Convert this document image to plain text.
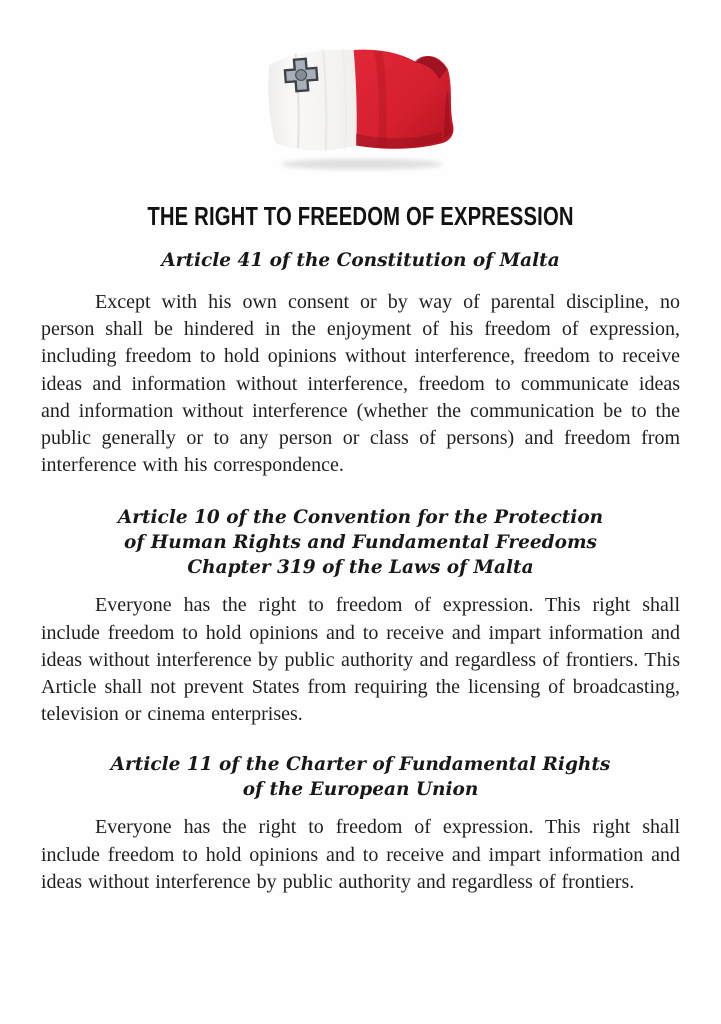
THE RIGHT TO FREEDOM OF EXPRESSION
Article 41 of the Constitution of Malta

Except with his own consent or by way of parental discipline, no person shall be hindered in the enjoyment of his freedom of expression, including freedom to hold opinions without interference, freedom to receive ideas and information without interference, freedom to communicate ideas and information without interference (whether the communication be to the public generally or to any person or class of persons) and freedom from interference with his correspondence.

Article 10 of the Convention for the Protection
of Human Rights and Fundamental Freedoms
Chapter 319 of the Laws of Malta

Everyone has the right to freedom of expression. This right shall include freedom to hold opinions and to receive and impart information and ideas without interference by public authority and regardless of frontiers. This Article shall not prevent States from requiring the licensing of broadcasting, television or cinema enterprises.

Article 11 of the Charter of Fundamental Rights
of the European Union

Everyone has the right to freedom of expression. This right shall include freedom to hold opinions and to receive and impart information and ideas without interference by public authority and regardless of frontiers.
